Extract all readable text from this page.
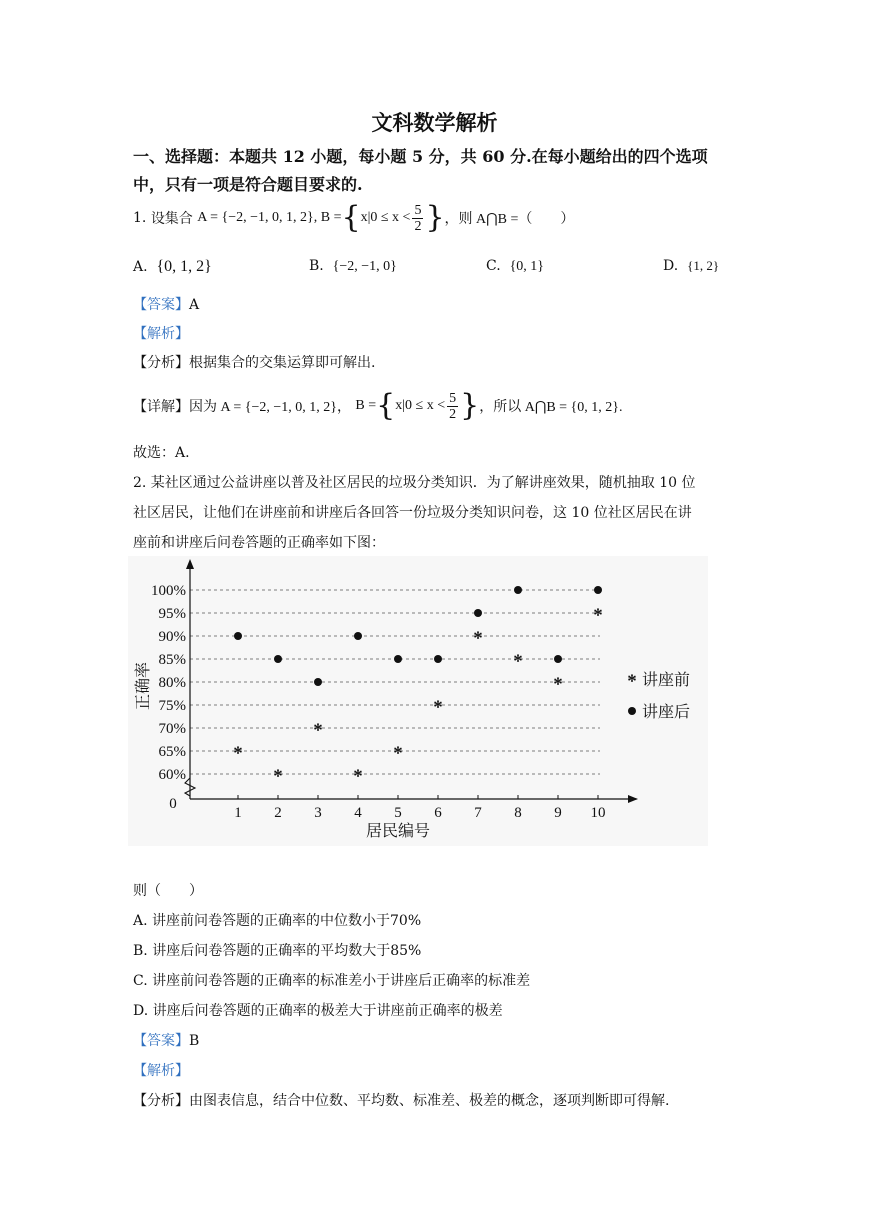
文科数学解析
一、选择题：本题共 12 小题，每小题 5 分，共 60 分.在每小题给出的四个选项
中，只有一项是符合题目要求的.
1.
设集合
A = {−2, −1, 0, 1, 2} , B = { $x|0 \le x < \frac{5}{2}$ } ，则 A⋂B =（　　）
A. {0, 1, 2}	B. {−2, −1, 0}	C. {0, 1}	D. {1, 2}
【答案】A
【解析】
【分析】根据集合的交集运算即可解出.
【详解】 因为 A = {−2, −1, 0, 1, 2}，
B = { $x|0 \le x < \frac{5}{2}$ } ，所以 A⋂B = {0, 1, 2}.
故选：A.
2. 某社区通过公益讲座以普及社区居民的垃圾分类知识．为了解讲座效果，随机抽取 10 位
社区居民，让他们在讲座前和讲座后各回答一份垃圾分类知识问卷，这 10 位社区居民在讲
座前和讲座后问卷答题的正确率如下图：
100%
95%
90%
85%
80%
75%
70%
65%
60%
0
1 2 3 4 5 6 7 8 9 10
居民编号
正确率
*
*
*
*
*
*
*
*
*
*
* 讲座前
讲座后
则（　　）
A. 讲座前问卷答题的正确率的中位数小于70%
B. 讲座后问卷答题的正确率的平均数大于85%
C. 讲座前问卷答题的正确率的标准差小于讲座后正确率的标准差
D. 讲座后问卷答题的正确率的极差大于讲座前正确率的极差
【答案】B
【解析】
【分析】由图表信息，结合中位数、平均数、标准差、极差的概念，逐项判断即可得解.
